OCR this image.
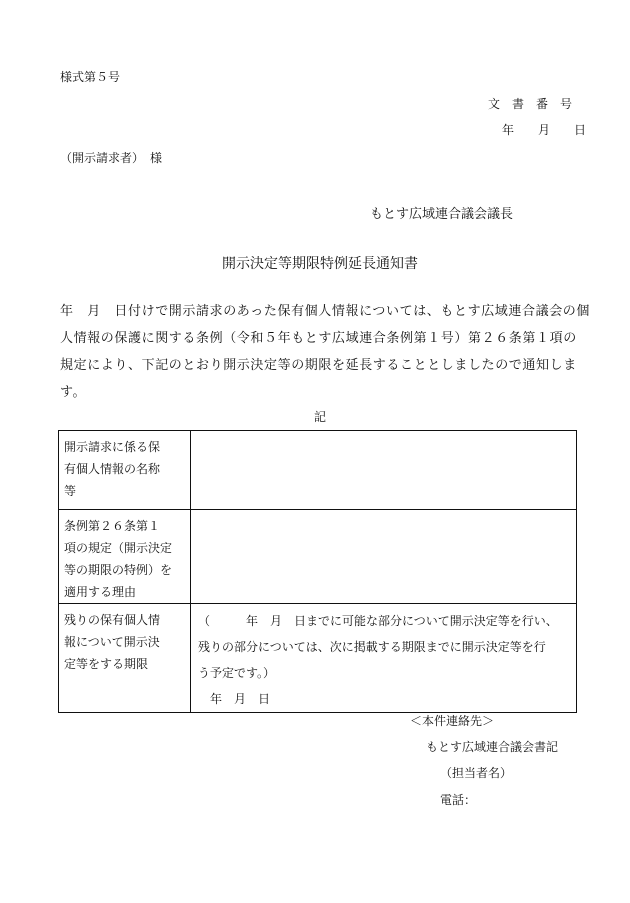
様式第５号
文　書　番　号
年　　月　　日
（開示請求者）　様
もとす広域連合議会議長
開示決定等期限特例延長通知書

年　月　日付けで開示請求のあった保有個人情報については、もとす広域連合議会の個

人情報の保護に関する条例（令和５年もとす広域連合条例第１号）第２６条第１項の

規定により、下記のとおり開示決定等の期限を延長することとしましたので通知しま

す。

記
開示請求に係る保
有個人情報の名称
等	

条例第２６条第１
項の規定（開示決定
等の期限の特例）を
適用する理由	

残りの保有個人情
報について開示決
定等をする期限	（　　　年　月　日までに可能な部分について開示決定等を行い、
残りの部分については、次に掲載する期限までに開示決定等を行
う予定です。）
　年　月　日
＜本件連絡先＞
もとす広域連合議会書記
（担当者名）
電話：
